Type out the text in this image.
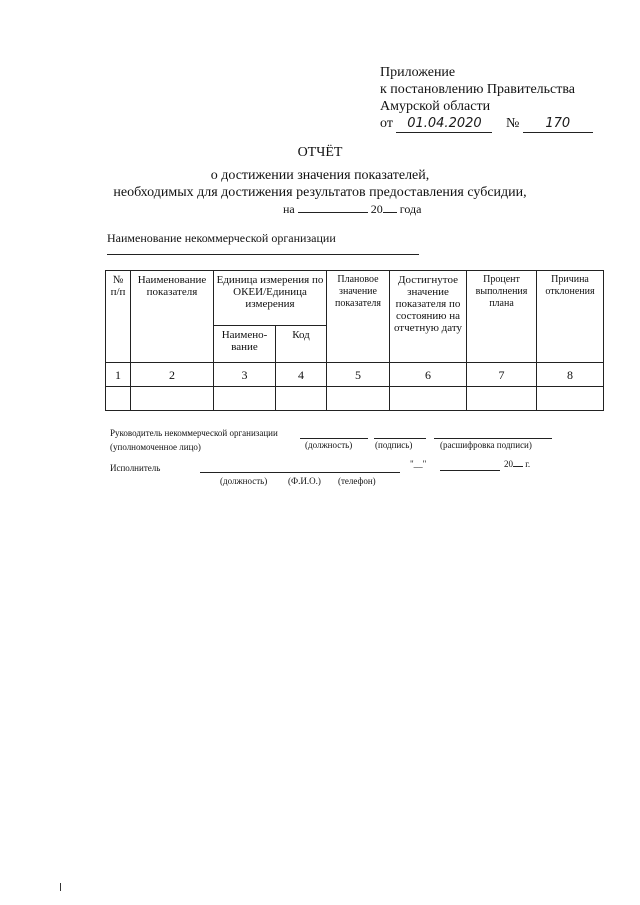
Приложение
к постановлению Правительства
Амурской области
от 01.04.2020 № 170
ОТЧЁТ
о достижении значения показателей,
необходимых для достижения результатов предоставления субсидии,
на	20 года
Наименование некоммерческой организации
№ п/п	Наименование показателя	Единица измерения по ОКЕИ/Единица измерения		Плановое значение показателя	Достигнутое значение показателя по состоянию на отчетную дату	Процент выполнения плана	Причина отклонения
		Наимено-вание	Код				
1	2	3	4	5	6	7	8

Руководитель некоммерческой организации
(уполномоченное лицо)	(должность)	(подпись)	(расшифровка подписи)
Исполнитель	"__"	20 г.
(должность) (Ф.И.О.) (телефон)
